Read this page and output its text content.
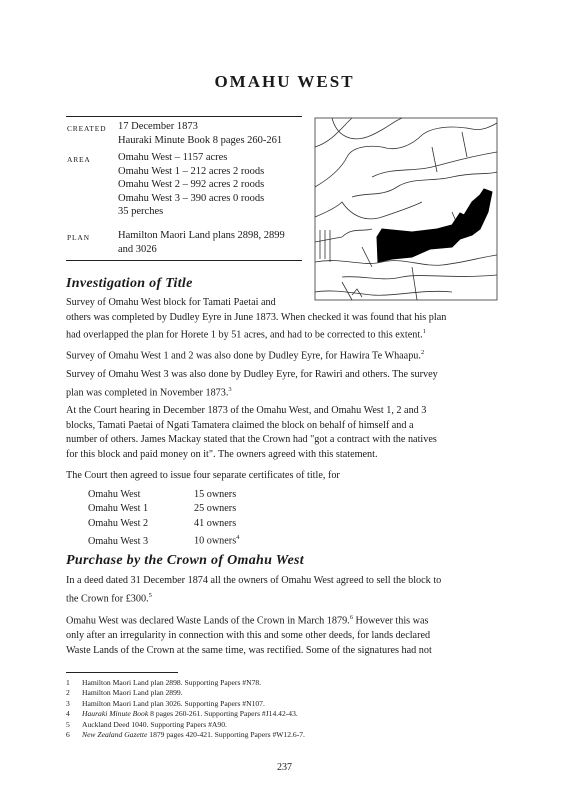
OMAHU WEST
CREATED 17 December 1873
Hauraki Minute Book 8 pages 260-261
AREA	Omahu West – 1157 acres
Omahu West 1 – 212 acres 2 roods
Omahu West 2 – 992 acres 2 roods
Omahu West 3 – 390 acres 0 roods
35 perches
PLAN	Hamilton Maori Land plans 2898, 2899
and 3026
Investigation of Title
Survey of Omahu West block for Tamati Paetai and
others was completed by Dudley Eyre in June 1873. When checked it was found that his plan
had overlapped the plan for Horete 1 by 51 acres, and had to be corrected to this extent.$^1$
Survey of Omahu West 1 and 2 was also done by Dudley Eyre, for Hawira Te Whaapu.$^2$
Survey of Omahu West 3 was also done by Dudley Eyre, for Rawiri and others. The survey
plan was completed in November 1873.$^3$
At the Court hearing in December 1873 of the Omahu West, and Omahu West 1, 2 and 3
blocks, Tamati Paetai of Ngati Tamatera claimed the block on behalf of himself and a
number of others. James Mackay stated that the Crown had "got a contract with the natives
for this block and paid money on it". The owners agreed with this statement.
The Court then agreed to issue four separate certificates of title, for
Omahu West	15 owners
Omahu West 1	25 owners
Omahu West 2	41 owners
Omahu West 3	10 owners$^4$
Purchase by the Crown of Omahu West
In a deed dated 31 December 1874 all the owners of Omahu West agreed to sell the block to
the Crown for £300.$^5$
Omahu West was declared Waste Lands of the Crown in March 1879.$^6$ However this was
only after an irregularity in connection with this and some other deeds, for lands declared
Waste Lands of the Crown at the same time, was rectified. Some of the signatures had not
1 Hamilton Maori Land plan 2898. Supporting Papers #N78.
2 Hamilton Maori Land plan 2899.
3 Hamilton Maori Land plan 3026. Supporting Papers #N107.
4 Hauraki Minute Book 8 pages 260-261. Supporting Papers #J14.42-43.
5 Auckland Deed 1040. Supporting Papers #A90.
6 New Zealand Gazette 1879 pages 420-421. Supporting Papers #W12.6-7.
237
